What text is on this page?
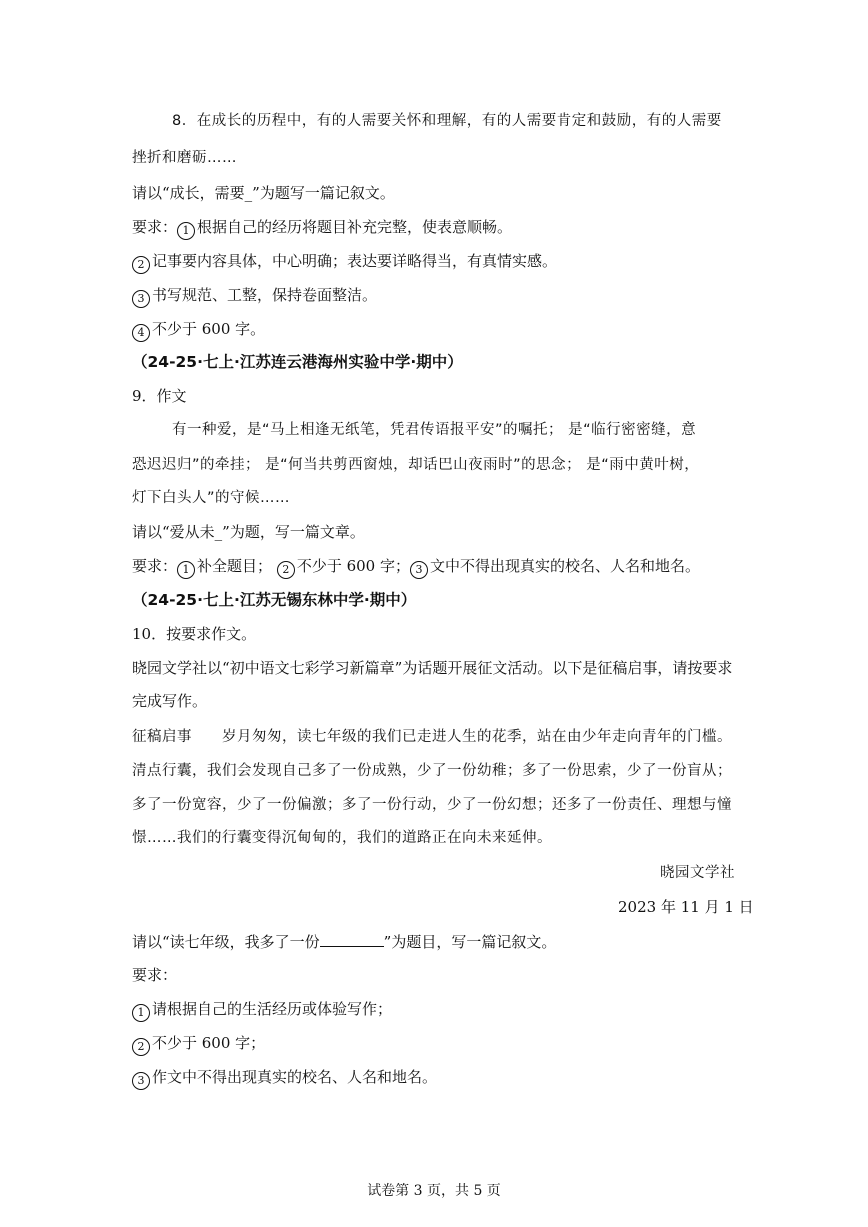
8．在成长的历程中，有的人需要关怀和理解，有的人需要肯定和鼓励，有的人需要
挫折和磨砺……
请以“成长，需要_”为题写一篇记叙文。
要求： 1 根据自己的经历将题目补充完整，使表意顺畅。
2 记事要内容具体，中心明确；表达要详略得当，有真情实感。
3 书写规范、工整，保持卷面整洁。
4 不少于 600 字。
（24-25·七上·江苏连云港海州实验中学·期中）
9．作文
有一种爱，是“马上相逢无纸笔，凭君传语报平安”的嘱托； 是“临行密密缝，意
恐迟迟归”的牵挂； 是“何当共剪西窗烛，却话巴山夜雨时”的思念； 是“雨中黄叶树，
灯下白头人”的守候……
请以“爱从未_”为题，写一篇文章。
要求： 1 补全题目； 2 不少于 600 字； 3 文中不得出现真实的校名、人名和地名。
（24-25·七上·江苏无锡东林中学·期中）
10．按要求作文。
晓园文学社以“初中语文七彩学习新篇章”为话题开展征文活动。以下是征稿启事，请按要求
完成写作。
征稿启事　　岁月匆匆，读七年级的我们已走进人生的花季，站在由少年走向青年的门槛。
清点行囊，我们会发现自己多了一份成熟，少了一份幼稚；多了一份思索，少了一份盲从；
多了一份宽容，少了一份偏激；多了一份行动，少了一份幻想；还多了一份责任、理想与憧
憬……我们的行囊变得沉甸甸的，我们的道路正在向未来延伸。
晓园文学社
2023 年 11 月 1 日
请以“读七年级，我多了一份	”为题目，写一篇记叙文。
要求：
1 请根据自己的生活经历或体验写作；
2 不少于 600 字；
3 作文中不得出现真实的校名、人名和地名。
试卷第 3 页，共 5 页
